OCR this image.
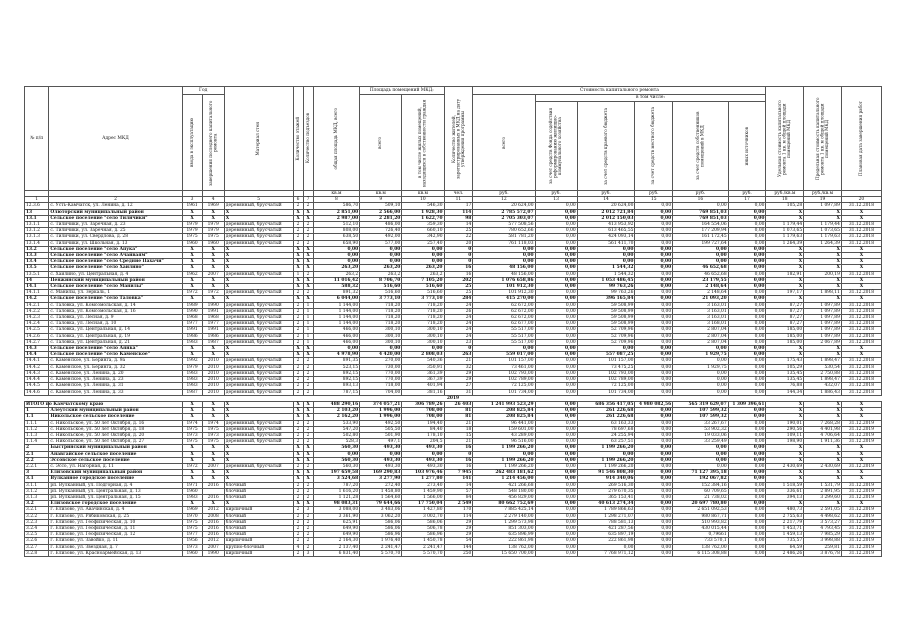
№ п/п	Адрес МКД	Год		Материал стен	Количество этажей	Количество подъездов	общая площадь МКД, всего	Площадь помещений МКД:		Количество жителей, зарегистрированных в МКД на дату утверждения программы	Стоимость капитального ремонта						Удельная стоимость капитального ремонта 1 кв. м общей площади помещений МКД	Предельная стоимость капитального ремонта 1 кв. м общей площади помещений МКД	Плановая дата завершения работ

		ввода в эксплуатацию	завершения последнего капитального ремонта					всего	в том числе жилых помещений, находящихся в собственности граждан		всего	в том числе:							

												за счет средств Фонда содействия реформированию жилищно-коммунального хозяйства	за счет средств краевого бюджета	за счет средств местного бюджета	за счет средств собственников помещений в МКД	иных источников			

							кв.м	кв.м	кв.м	чел.	руб.	руб.	руб.	руб.	руб.	руб.	руб./кв.м	руб./кв.м	
1	2	3	4	5	6	7	8	9	10	11	12	13	14	15	16	17	18	19	20
12.3.6	с. Усть-Камчатск, ул. Ленина, д. 12	1961	1969	деревянный, брусчатый	2	2	586,70	509,10	546,30	17	20 624,00	0,00	20 624,00	0,00	0,00	0,00	105,28	1 097,89	31.12.2018
13	Олюторский муниципальный район	X	X	X	X	X	2 851,00	2 566,00	1 928,30	114	2 785 572,07	0,00	2 012 721,84	0,00	769 851,03	0,00	X	X	X
13.1	Сельское поселение "село Тиличики"	X	X	X	X	X	2 987,00	2 281,20	1 622,70	98	2 705 303,07	0,00	2 012 150,03	0,00	769 851,03	0,00	X	X	X
13.1.1	с. Тиличики, ул. Заречная, д. 23	1979	1979	деревянный, брусчатый	2	2	512,10	486,00	359,30	14	577 508,56	0,00	413 953,92	0,00	164 554,06	0,00	1 179,44	1 179,44	31.12.2018
13.1.2	с. Тиличики, ул. Заречная, д. 25	1979	1979	деревянный, брусчатый	2	2	808,00	726,40	660,10	25	780 652,66	0,00	613 465,55	0,00	177 209,94	0,00	1 073,65	1 073,65	31.12.2018
13.1.3	с. Тиличики, ул. Свердлова, д. 28	1975	1975	деревянный, брусчатый	2	2	638,50	492,00	342,90	22	581 781,20	0,00	424 093,14	0,00	161 172,45	0,00	1 179,63	1 179,63	31.12.2018
13.1.4	с. Тиличики, ул. Школьная, д. 13	1960	1960	деревянный, брусчатый	2	2	658,90	577,00	257,40	20	761 118,03	0,00	561 411,70	0,00	199 727,64	0,00	1 264,39	1 264,39	31.12.2018
13.2	Сельское поселение "село Апука"	X	X	X	X	X	0,00	0,00	0,00	0	0,00	0,00	0,00	0,00	0,00	0,00	X	X	X
13.3	Сельское поселение "село Ачайваям"	X	X	X	X	X	0,00	0,00	0,00	0	0,00	0,00	0,00	0,00	0,00	0,00	X	X	X
13.4	Сельское поселение "село Средние Пахачи"	X	X	X	X	X	0,00	0,00	0,00	0	0,00	0,00	0,00	0,00	0,00	0,00	X	X	X
13.5	Сельское поселение "село Хаилино"	X	X	X	X	X	263,20	263,20	263,20	16	48 156,00	0,00	1 544,32	0,00	46 652,68	0,00	X	X	X
13.5.1	с. Хаилино, ул. Центральная, д. 4	1962	2007	деревянный, брусчатый	1	2	263,2	263,2	263,2	16	48 156,00	0,00	1 544,32	0,00	46 652,68	0,00	182,91	200,19	31.12.2018
14	Пенжинский муниципальный район	X	X	X	X	X	11 016,42	8 706,70	7 105,20	202	1 076 658,86	0,00	1 053 486,45	0,00	23 179,55	0,00	X	X	X
14.1	Сельское поселение "село Манилы"	X	X	X	X	X	588,32	516,60	516,60	25	101 912,30	0,00	99 763,26	0,00	2 148,64	0,00	X	X	X
14.1.1	с. Манилы, ул. Зеркаль, 1	1972	1972	деревянный, брусчатый	2	2	891,32	516,60	516,60	25	101 912,30	0,00	99 763,26	0,00	2 148,64	0,00	197,17	1 898,11	31.12.2018
14.2	Сельское поселение "село Таловка"	X	X	X	X	X	6 044,00	3 773,10	3 773,10	284	415 270,00	0,00	396 165,84	0,00	21 093,20	0,00	X	X	X
14.2.1	с. Таловка, ул. Комсомольская, д. 14	1989	1990	деревянный, брусчатый	2	1	1 144,00	718,20	718,20	24	62 672,00	0,00	59 508,99	0,00	3 163,01	0,00	87,27	1 097,89	31.12.2018
14.2.2	с. Таловка, ул. Комсомольская, д. 16	1990	1991	деревянный, брусчатый	2	1	1 144,00	718,20	718,20	26	62 672,00	0,00	59 508,99	0,00	3 163,01	0,00	87,27	1 097,89	31.12.2018
14.2.3	с. Таловка, ул. Лесная, д. 9	1968	1968	деревянный, брусчатый	2	1	1 144,00	718,20	718,20	24	62 672,00	0,00	59 508,99	0,00	3 163,01	0,00	87,27	1 097,89	31.12.2018
14.2.4	с. Таловка, ул. Лесная, д. 10	1977	1977	деревянный, брусчатый	2	1	1 144,00	718,20	718,20	24	62 677,00	0,00	59 508,99	0,00	3 168,01	0,00	87,27	1 097,89	31.12.2018
14.2.5	с. Таловка, ул. Центральная, д. 14	1991	1991	деревянный, брусчатый	2	1	466,00	300,10	300,10	24	55 517,00	0,00	52 709,96	0,00	2 807,04	0,00	185,00	1 097,89	31.12.2018
14.2.6	с. Таловка, ул. Центральная, д. 19	1986	1986	деревянный, брусчатый	2	1	466,00	300,10	300,10	24	55 517,00	0,00	52 709,96	0,00	2 807,04	0,00	185,00	1 097,89	31.12.2018
14.2.7	с. Таловка, ул. Центральная, д. 21	1983	1987	деревянный, брусчатый	2	1	466,00	300,10	300,10	23	55 517,00	0,00	52 709,96	0,00	2 807,04	0,00	185,00	2 067,89	31.12.2018
14.3	Сельское поселение "село Аянка"	X	X	X	X	X	0,00	0,00	0,00	0	0,00	0,00	0,00	0,00	0,00	0,00	X	X	X
14.4	Сельское поселение "село Каменское"	X	X	X	X	X	4 978,90	4 420,00	2 808,03	263	559 017,00	0,00	557 087,25	0,00	1 929,75	0,00	X	X	X
14.4.1	с. Каменское, ул. Беринга, д. 9а	1992	2010	деревянный, брусчатый	2	2	891,35	270,00	540,36	21	101 157,00	0,00	101 157,00	0,00	0,00	0,00	175,43	1 898,47	31.12.2018
14.4.2	с. Каменское, ул. Беринга, д. 32	1979	2010	деревянный, брусчатый	2	2	523,15	730,00	350,91	32	73 461,00	0,00	73 475,25	0,00	1 929,75	0,00	105,29	530,54	31.12.2018
14.4.3	с. Каменское, ул. Ленина, д. 20	1983	2010	деревянный, брусчатый	2	2	892,15	770,00	361,39	29	102 793,00	0,00	102 793,00	0,00	0,00	0,00	135,45	2 750,88	31.12.2018
14.4.4	с. Каменское, ул. Ленина, д. 23	1983	2010	деревянный, брусчатый	2	2	892,15	770,00	367,39	29	102 789,00	0,00	102 789,00	0,00	0,00	0,00	135,45	1 898,47	31.12.2018
14.4.5	с. Каменское, ул. Ленина, д. 31	1983	2010	деревянный, брусчатый	2	2	893,13	718,00	401,94	27	72 125,00	0,00	72 125,00	0,00	0,00	0,00	76,88	432,07	31.12.2018
14.4.6	с. Каменское, ул. Ленина, д. 33	1987	2010	деревянный, брусчатый	2	2	787,15	704,00	381,16	31	101 734,00	0,00	101 734,00	0,00	0,00	0,00	144,34	1 886,43	31.12.2018
2019																			
ИТОГО по Камчатскому краю		X	X	X	X	X	488 290,16	374 057,21	306 789,26	26 403	1 241 993 523,29	0,00	686 356 417,05	4 980 082,56	565 319 629,07	1 309 396,61	X	X	X
1	Алеутский муниципальный район	X	X	X	X	X	2 103,20	1 996,00	708,00	81	208 825,84	0,00	261 226,68	0,00	107 599,32	0,00	X	X	X
1.1	Никольское сельское поселение	X	X	X	X	X	2 162,20	1 996,00	708,00	81	208 825,84	0,00	261 226,68	0,00	107 599,32	0,00	X	X	X
1.1.1	с. Никольское, ул. 50 лет Октября, д. 16	1974	1974	деревянный, брусчатый	2	2	533,90	492,50	194,40	21	96 441,00	0,00	63 163,33	0,00	33 267,67	0,00	190,01	7 268,28	31.12.2019
1.1.2	с. Никольское, ул. 50 лет Октября, д. 18	1975	1975	деревянный, брусчатый	2	2	547,20	505,50	84,40	18	159 601,00	0,00	78 697,68	0,00	53 902,32	0,00	290,56	4 401,98	31.12.2019
1.1.3	с. Никольское, ул. 50 лет Октября, д. 20	1973	1973	деревянный, брусчатый	2	2	502,80	501,90	178,10	15	43 289,00	0,00	24 255,94	0,00	19 033,06	0,00	109,11	4 706,64	31.12.2019
1.1.4	с. Никольское, ул. 50 лет Октября, д. 27	1975	1975	деревянный, брусчатый	2	2	528,3	497,1	204,5	21	96 516,00	0,00	63 257,51	0,00	33 259,49	0,00	198,90	1 911,36	31.12.2019
2	Быстринский муниципальный район	X	X	X	X	X	560,30	493,30	493,30	16	1 199 266,20	0,00	1 199 266,20	0,00	0,00	0,00	X	X	X
2.1	Анавгайское сельское поселение	X	X	X	X	X	0,00	0,00	0,00	0	0,00	0,00	0,00	0,00	0,00	0,00	X	X	X
2.2	Эссовское сельское поселение	X	X	X	X	X	560,30	493,30	493,30	16	1 199 266,20	0,00	1 199 266,20	0,00	0,00	0,00	X	X	X
2.2.1	с. Эссо, ул. Нагорная, д. 11	1972	2007	деревянный, брусчатый	2	2	560,30	493,30	493,30	16	1 199 266,20	0,00	1 199 266,20	0,00	0,00	0,00	2 430,69	2 430,69	31.12.2019
3	Елизовский муниципальный район	X	X	X	X	X	197 659,58	169 290,83	103 976,46	7 945	262 483 181,62	0,00	91 546 808,30	0,00	71 127 395,18	0,00	X	X	X
3.1	Вулканное городское поселение	X	X	X	X	X	3 524,68	3 277,90	1 277,80	141	1 214 456,00	0,00	914 340,06	0,00	192 067,82	0,00	X	X	X
3.1.1	рп. Вулканный, ул. Подгорная, д. 4	1971	2016	блочный	2	2	787,20	272,40	273,40	14	421 266,68	0,00	269 516,30	0,00	152 384,16	0,00	1 518,59	1 531,79	31.12.2019
3.1.2	рп. Вулканный, ул. Центральная, д. 13	1960		блочный	2	2	1 616,20	1 458,80	1 459,90	57	548 180,00	0,00	279 670,35	0,00	60 709,65	0,00	336,61	2 891,95	31.12.2019
3.1.3	рп. Вулканный, ул. Центральная, д. 15	1983	2016	блочный	2	2	1 121,28	1 564,60	1 566,00	84	456 829,00	0,00	365 153,41	0,00	21 738,02	0,00	394,13	3 299,60	31.12.2019
3.2	Елизовское городское поселение	X	X	X	X	X	98 083,31	79 644,66	17 750,04	2 549	80 662 752,69	0,00	40 613 274,34	0,00	20 697 780,80	0,00	X	X	X
3.2.1	г. Елизово, ул. Авачинская, д. 4	1969	2012	кирпичный	2	3	3 088,00	3 483,06	1 427,80	170	7 885 425,14	0,00	1 789 866,63	0,00	2 651 092,53	0,00	480,73	2 591,05	31.12.2019
3.2.2	г. Елизово, ул. Рябиковская, д. 25	1970	2008	блочный	2	2	3 361,90	3 062,20	3 002,70	114	2 279 140,00	0,00	1 298 271,07	0,00	980 867,71	0,00	2 755,63	4 498,62	31.12.2019
3.2.3	г. Елизово, ул. Геофизическая, д. 10	1975	2016	блочный	2	2	625,91	586,06	586,06	29	1 299 573,98	0,00	788 581,13	0,00	510 993,82	0,00	2 217,79	3 573,27	31.12.2019
3.2.4	г. Елизово, ул. Геофизическая, д. 11	1975	2016	блочный	2	2	649,90	586,06	506,78	29	851 303,00	0,00	421 287,56	0,00	430 015,44	0,00	1 453,71	4 793,45	31.12.2019
3.2.5	г. Елизово, ул. Геофизическая, д. 12	1977	2016	блочный	2	2	649,90	586,96	586,96	29	635 896,99	0,00	635 897,19	0,00	0,79661	0,00	1 459,13	7 985,29	31.12.2019
3.2.6	г. Елизово, ул. Завойко, д. 11	1956	2012	кирпичный	2	2	2 164,30	1 976,40	1 450,78	54	222 861,98	0,00	222 861,98	0,00	733 570,1	0,00	735,57	3 998,88	31.12.2019
3.2.7	г. Елизово, ул. Звездная, д. 7	1973	2007	крупно-блочный	4	2	2 137,40	2 241,47	2 241,47	144	138 762,00	0,00	0,00	0,00	138 762,00	0,00	64,59	259,81	31.12.2019
3.2.8	г. Елизово, ул. Красноармейская, д. 13	1960	1990	кирпичный	2	3	6 831,40	5 570,70	5 570,70	250	15 650 700,00	0,00	7 768 971,12	0,00	6 115 308,88	0,00	2 486,26	3 876,78	31.12.2019
